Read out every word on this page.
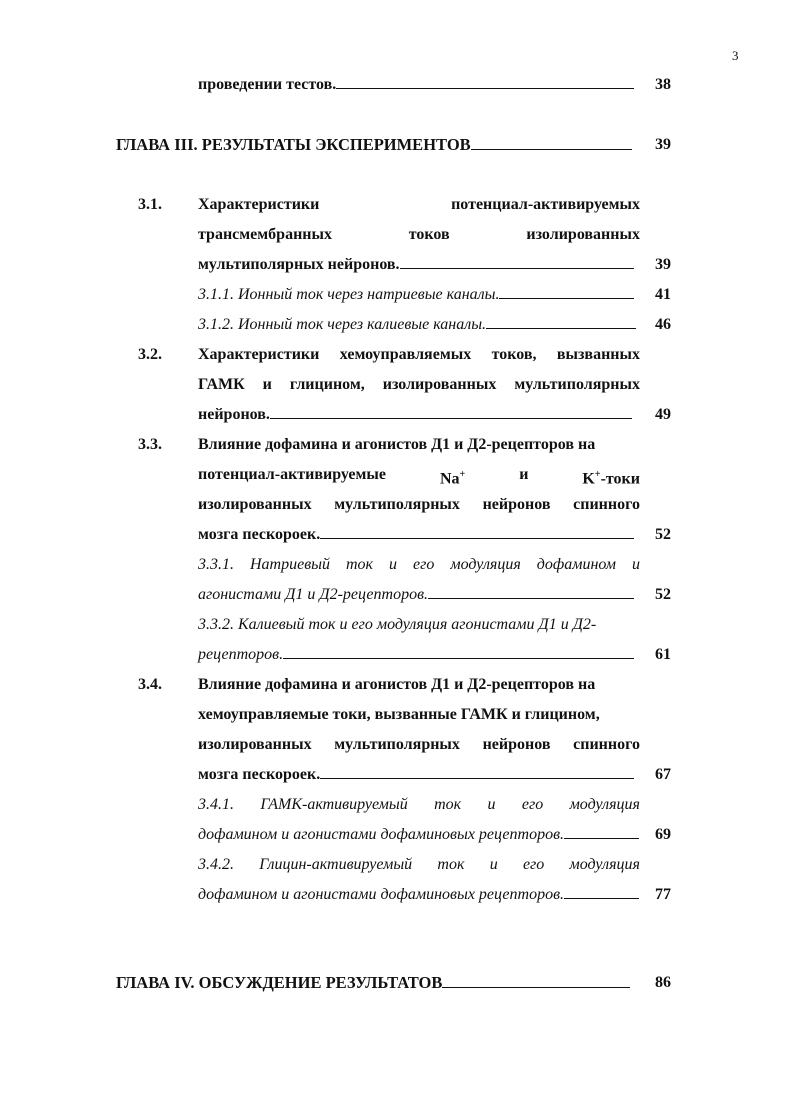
3
проведении тестов.	38
ГЛАВА III. РЕЗУЛЬТАТЫ ЭКСПЕРИМЕНТОВ	39
3.1. Характеристики	потенциал-активируемых
трансмембранных	токов	изолированных
мультиполярных нейронов.	39
3.1.1. Ионный ток через натриевые каналы.	41
3.1.2. Ионный ток через калиевые каналы.	46
3.2. Характеристики хемоуправляемых токов, вызванных
ГАМК и глицином, изолированных мультиполярных
нейронов.	49
3.3. Влияние дофамина и агонистов Д1 и Д2-рецепторов на
потенциал-активируемые	Na+	и	K+-токи
изолированных мультиполярных нейронов спинного
мозга пескороек.	52
3.3.1. Натриевый ток и его модуляция дофамином и
агонистами Д1 и Д2-рецепторов.	52
3.3.2. Калиевый ток и его модуляция агонистами Д1 и Д2-
рецепторов.	61
3.4. Влияние дофамина и агонистов Д1 и Д2-рецепторов на
хемоуправляемые токи, вызванные ГАМК и глицином,
изолированных мультиполярных нейронов спинного
мозга пескороек.	67
3.4.1. ГАМК-активируемый ток и его модуляция
дофамином и агонистами дофаминовых рецепторов.	69
3.4.2. Глицин-активируемый ток и его модуляция
дофамином и агонистами дофаминовых рецепторов.	77
ГЛАВА IV. ОБСУЖДЕНИЕ РЕЗУЛЬТАТОВ	86
